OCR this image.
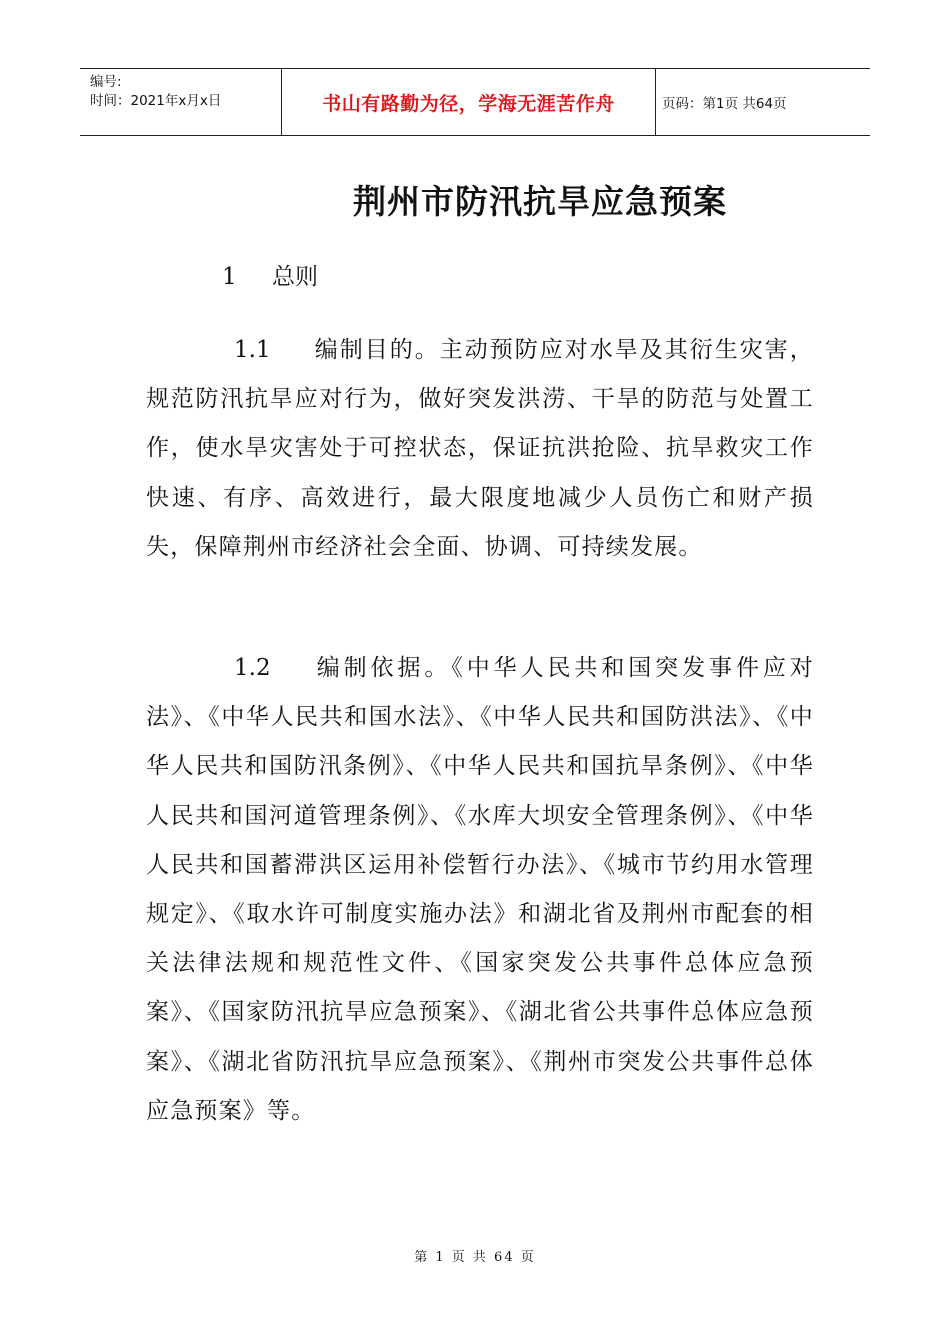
编号:
时间：2021年x月x日	书山有路勤为径，学海无涯苦作舟	页码：第1页 共64页
荆州市防汛抗旱应急预案
1 总则

1.1 编制目的。主动预防应对水旱及其衍生灾害，规范防汛抗旱应对行为，做好突发洪涝、干旱的防范与处置工作，使水旱灾害处于可控状态，保证抗洪抢险、抗旱救灾工作快速、有序、高效进行，最大限度地减少人员伤亡和财产损失，保障荆州市经济社会全面、协调、可持续发展。

1.2 编制依据。《中华人民共和国突发事件应对法》、《中华人民共和国水法》、《中华人民共和国防洪法》、《中华人民共和国防汛条例》、《中华人民共和国抗旱条例》、《中华人民共和国河道管理条例》、《水库大坝安全管理条例》、《中华人民共和国蓄滞洪区运用补偿暂行办法》、《城市节约用水管理规定》、《取水许可制度实施办法》和湖北省及荆州市配套的相关法律法规和规范性文件、《国家突发公共事件总体应急预案》、《国家防汛抗旱应急预案》、《湖北省公共事件总体应急预案》、《湖北省防汛抗旱应急预案》、《荆州市突发公共事件总体应急预案》等。

第 1 页 共 64 页
